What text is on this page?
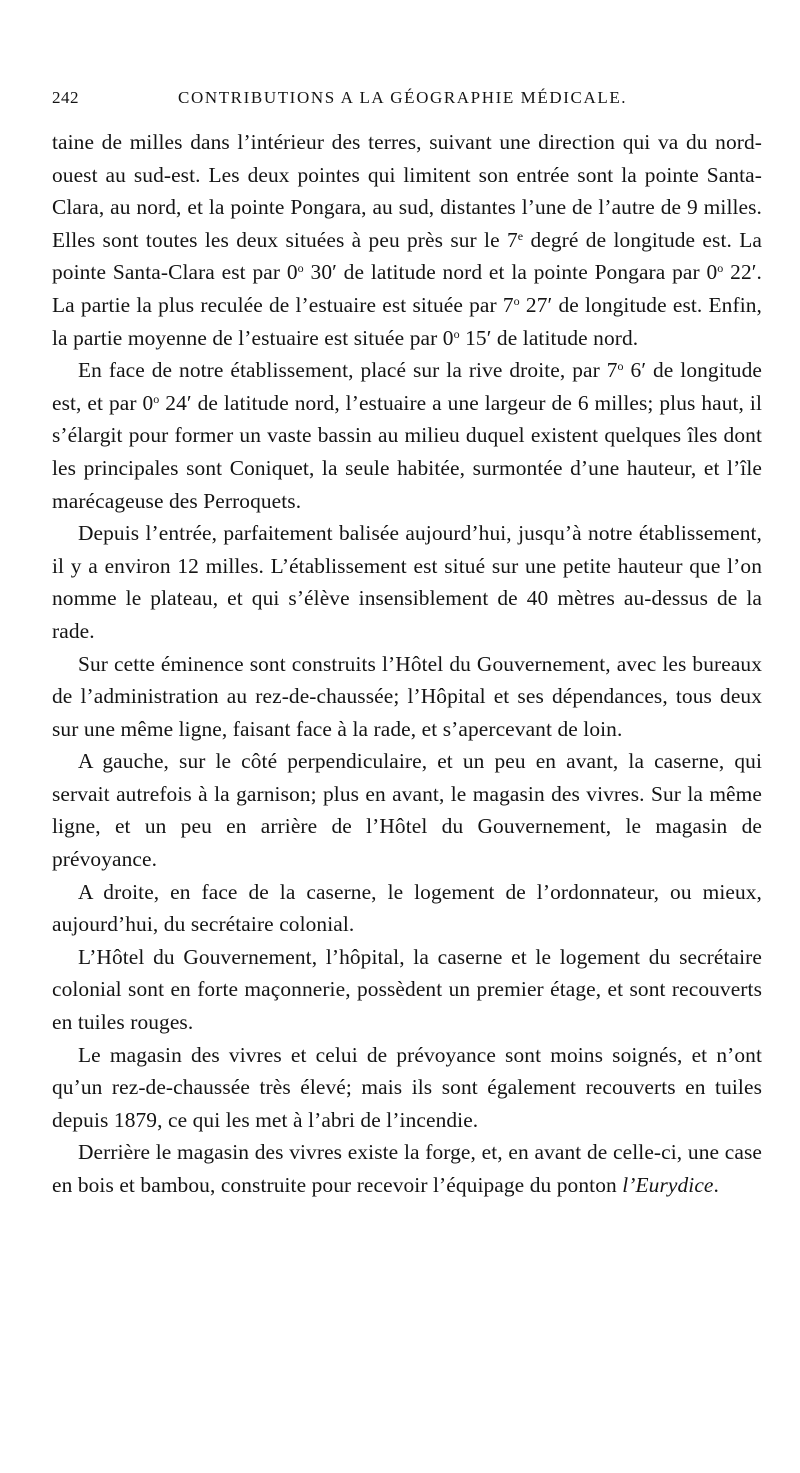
242	CONTRIBUTIONS A LA GÉOGRAPHIE MÉDICALE.

taine de milles dans l’intérieur des terres, suivant une direction qui va du nord-ouest au sud-est. Les deux pointes qui limitent son entrée sont la pointe Santa-Clara, au nord, et la pointe Pongara, au sud, distantes l’une de l’autre de 9 milles. Elles sont toutes les deux situées à peu près sur le 7e degré de longitude est. La pointe Santa-Clara est par 0$^o$ 30′ de latitude nord et la pointe Pongara par 0$^o$ 22′. La partie la plus reculée de l’estuaire est située par 7$^o$ 27′ de longitude est. Enfin, la partie moyenne de l’estuaire est située par 0$^o$ 15′ de latitude nord.

En face de notre établissement, placé sur la rive droite, par 7$^o$ 6′ de longitude est, et par 0$^o$ 24′ de latitude nord, l’estuaire a une largeur de 6 milles; plus haut, il s’élargit pour former un vaste bassin au milieu duquel existent quelques îles dont les principales sont Coniquet, la seule habitée, surmontée d’une hauteur, et l’île marécageuse des Perroquets.

Depuis l’entrée, parfaitement balisée aujourd’hui, jusqu’à notre établissement, il y a environ 12 milles. L’établissement est situé sur une petite hauteur que l’on nomme le plateau, et qui s’élève insensiblement de 40 mètres au-dessus de la rade.

Sur cette éminence sont construits l’Hôtel du Gouvernement, avec les bureaux de l’administration au rez-de-chaussée; l’Hôpital et ses dépendances, tous deux sur une même ligne, faisant face à la rade, et s’apercevant de loin.

A gauche, sur le côté perpendiculaire, et un peu en avant, la caserne, qui servait autrefois à la garnison; plus en avant, le magasin des vivres. Sur la même ligne, et un peu en arrière de l’Hôtel du Gouvernement, le magasin de prévoyance.

A droite, en face de la caserne, le logement de l’ordonnateur, ou mieux, aujourd’hui, du secrétaire colonial.

L’Hôtel du Gouvernement, l’hôpital, la caserne et le logement du secrétaire colonial sont en forte maçonnerie, possèdent un premier étage, et sont recouverts en tuiles rouges.

Le magasin des vivres et celui de prévoyance sont moins soignés, et n’ont qu’un rez-de-chaussée très élevé; mais ils sont également recouverts en tuiles depuis 1879, ce qui les met à l’abri de l’incendie.

Derrière le magasin des vivres existe la forge, et, en avant de celle-ci, une case en bois et bambou, construite pour recevoir l’équipage du ponton l’Eurydice.
